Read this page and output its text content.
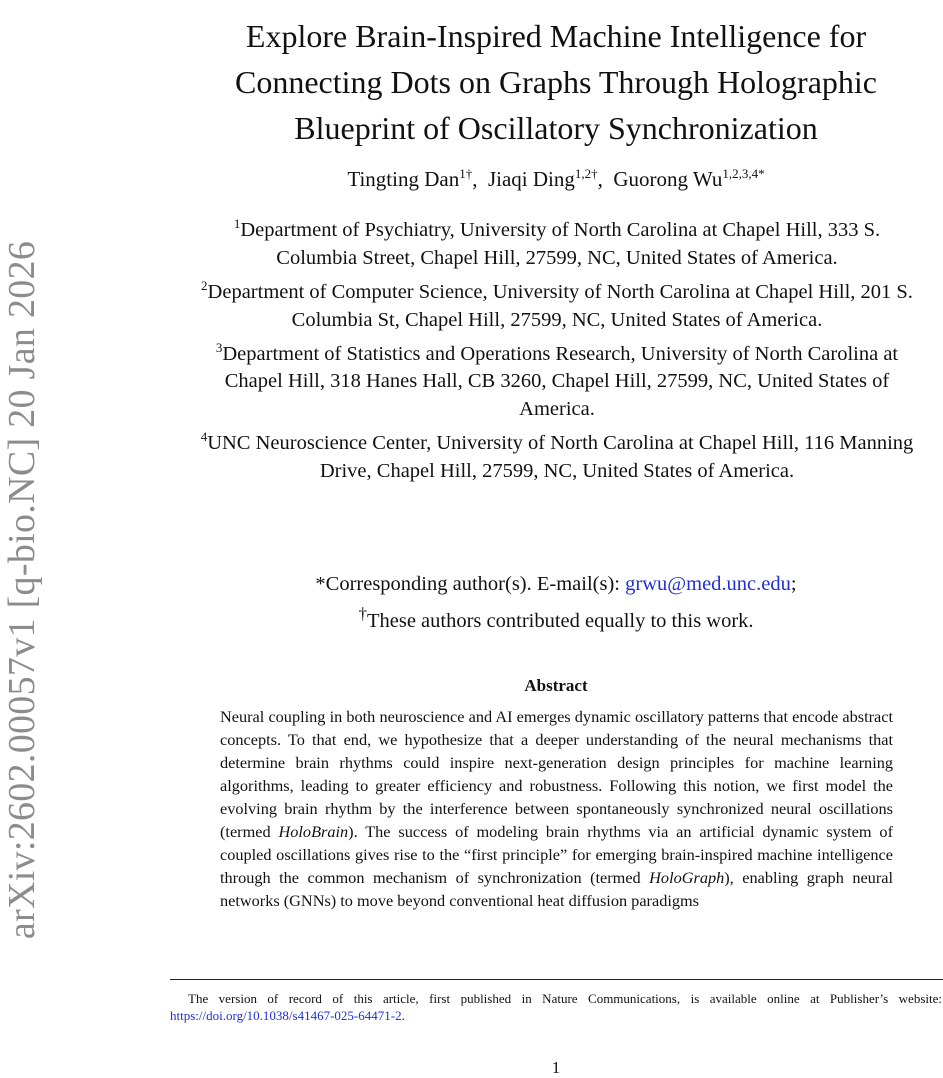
arXiv:2602.00057v1 [q-bio.NC] 20 Jan 2026
Explore Brain-Inspired Machine Intelligence for
Connecting Dots on Graphs Through Holographic
Blueprint of Oscillatory Synchronization
Tingting Dan$^{1\dagger}$,  Jiaqi Ding$^{1,2\dagger}$,  Guorong $Wu^{1,2,3,4*}$
$^1$Department of Psychiatry, University of North Carolina at Chapel Hill, 333 S. Columbia Street, Chapel Hill, 27599, NC, United States of America.
$^2$Department of Computer Science, University of North Carolina at Chapel Hill, 201 S. Columbia St, Chapel Hill, 27599, NC, United States of America.
$^3$Department of Statistics and Operations Research, University of North Carolina at Chapel Hill, 318 Hanes Hall, CB 3260, Chapel Hill, 27599, NC, United States of America.
$^4$UNC Neuroscience Center, University of North Carolina at Chapel Hill, 116 Manning Drive, Chapel Hill, 27599, NC, United States of America.
*Corresponding author(s). E-mail(s): grwu@med.unc.edu;
†These authors contributed equally to this work.
Abstract

Neural coupling in both neuroscience and AI emerges dynamic oscillatory patterns that encode abstract concepts. To that end, we hypothesize that a deeper understanding of the neural mechanisms that determine brain rhythms could inspire next-generation design principles for machine learning algorithms, leading to greater efficiency and robustness. Following this notion, we first model the evolving brain rhythm by the interference between spontaneously synchronized neural oscillations (termed HoloBrain). The success of modeling brain rhythms via an artificial dynamic system of coupled oscillations gives rise to the “first principle” for emerging brain-inspired machine intelligence through the common mechanism of synchronization (termed HoloGraph), enabling graph neural networks (GNNs) to move beyond conventional heat diffusion paradigms

The version of record of this article, first published in Nature Communications, is available online at Publisher’s website: https://doi.org/10.1038/s41467-025-64471-2.

1
